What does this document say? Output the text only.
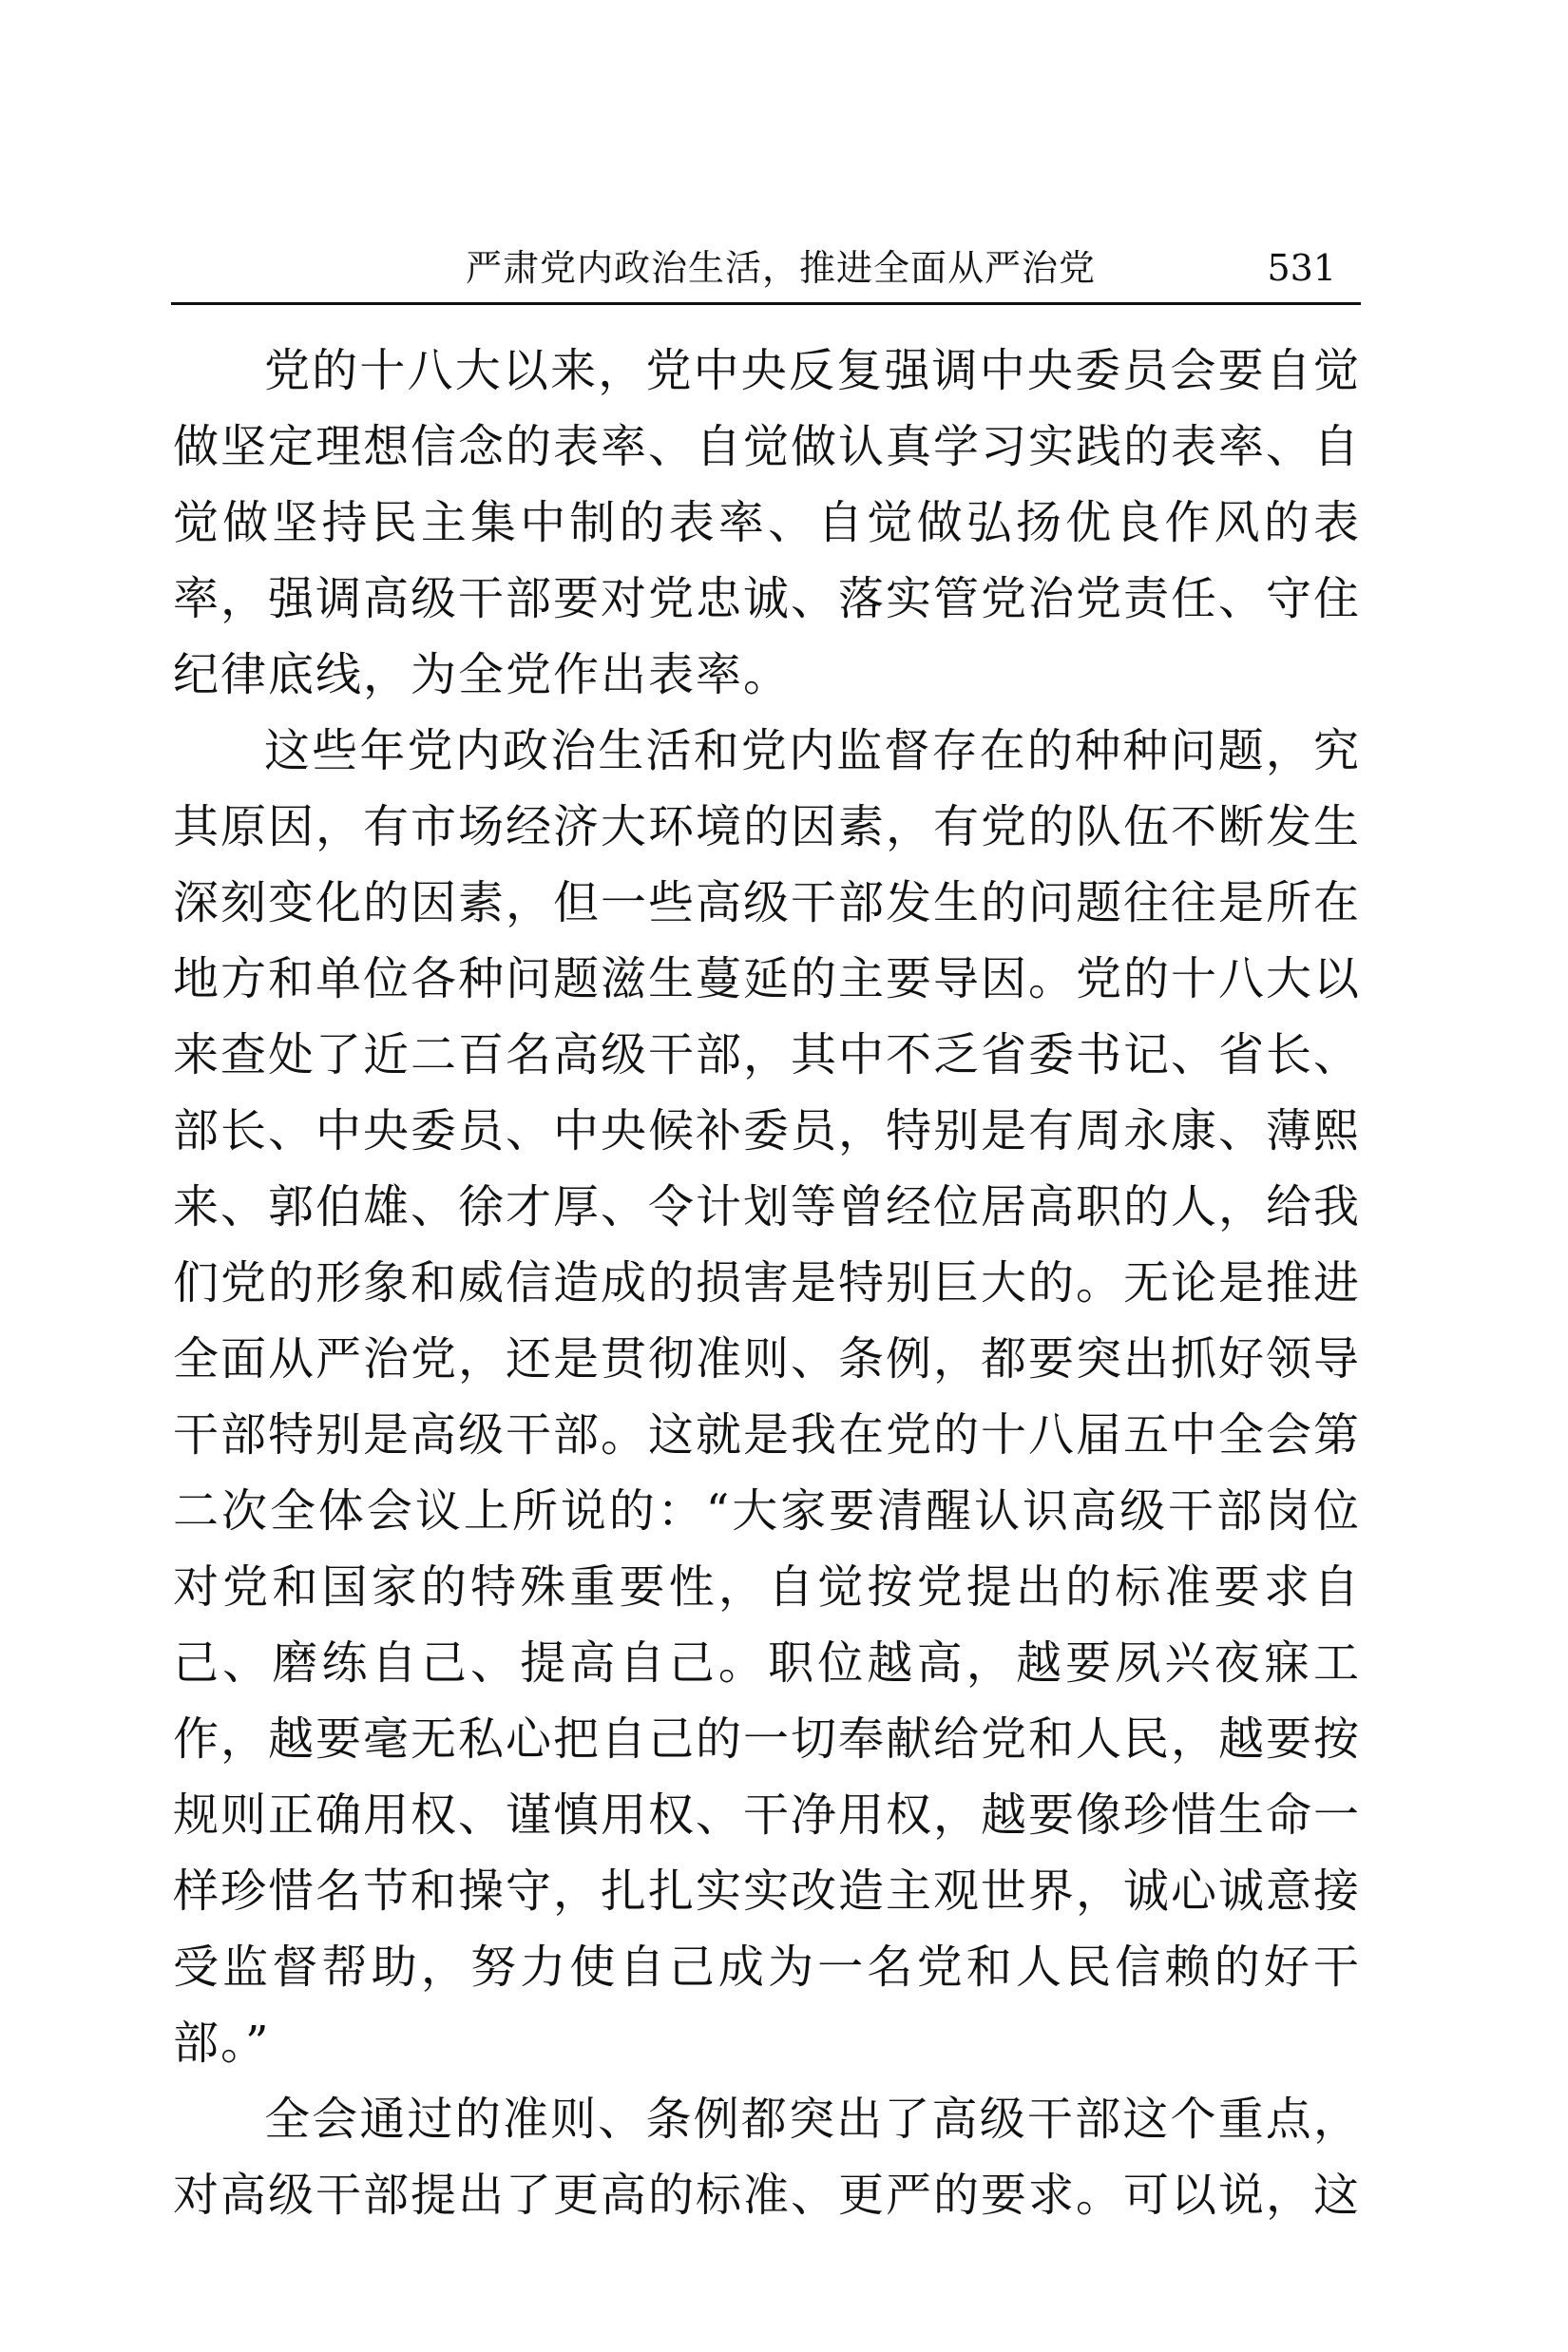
严肃党内政治生活，推进全面从严治党	531

党的十八大以来，党中央反复强调中央委员会要自觉做坚定理想信念的表率、自觉做认真学习实践的表率、自觉做坚持民主集中制的表率、自觉做弘扬优良作风的表率，强调高级干部要对党忠诚、落实管党治党责任、守住纪律底线，为全党作出表率。

这些年党内政治生活和党内监督存在的种种问题，究其原因，有市场经济大环境的因素，有党的队伍不断发生深刻变化的因素，但一些高级干部发生的问题往往是所在地方和单位各种问题滋生蔓延的主要导因。党的十八大以来查处了近二百名高级干部，其中不乏省委书记、省长、部长、中央委员、中央候补委员，特别是有周永康、薄熙来、郭伯雄、徐才厚、令计划等曾经位居高职的人，给我们党的形象和威信造成的损害是特别巨大的。无论是推进全面从严治党，还是贯彻准则、条例，都要突出抓好领导干部特别是高级干部。这就是我在党的十八届五中全会第二次全体会议上所说的：“大家要清醒认识高级干部岗位对党和国家的特殊重要性，自觉按党提出的标准要求自己、磨练自己、提高自己。职位越高，越要夙兴夜寐工作，越要毫无私心把自己的一切奉献给党和人民，越要按规则正确用权、谨慎用权、干净用权，越要像珍惜生命一样珍惜名节和操守，扎扎实实改造主观世界，诚心诚意接受监督帮助，努力使自己成为一名党和人民信赖的好干部。”

全会通过的准则、条例都突出了高级干部这个重点，对高级干部提出了更高的标准、更严的要求。可以说，这
